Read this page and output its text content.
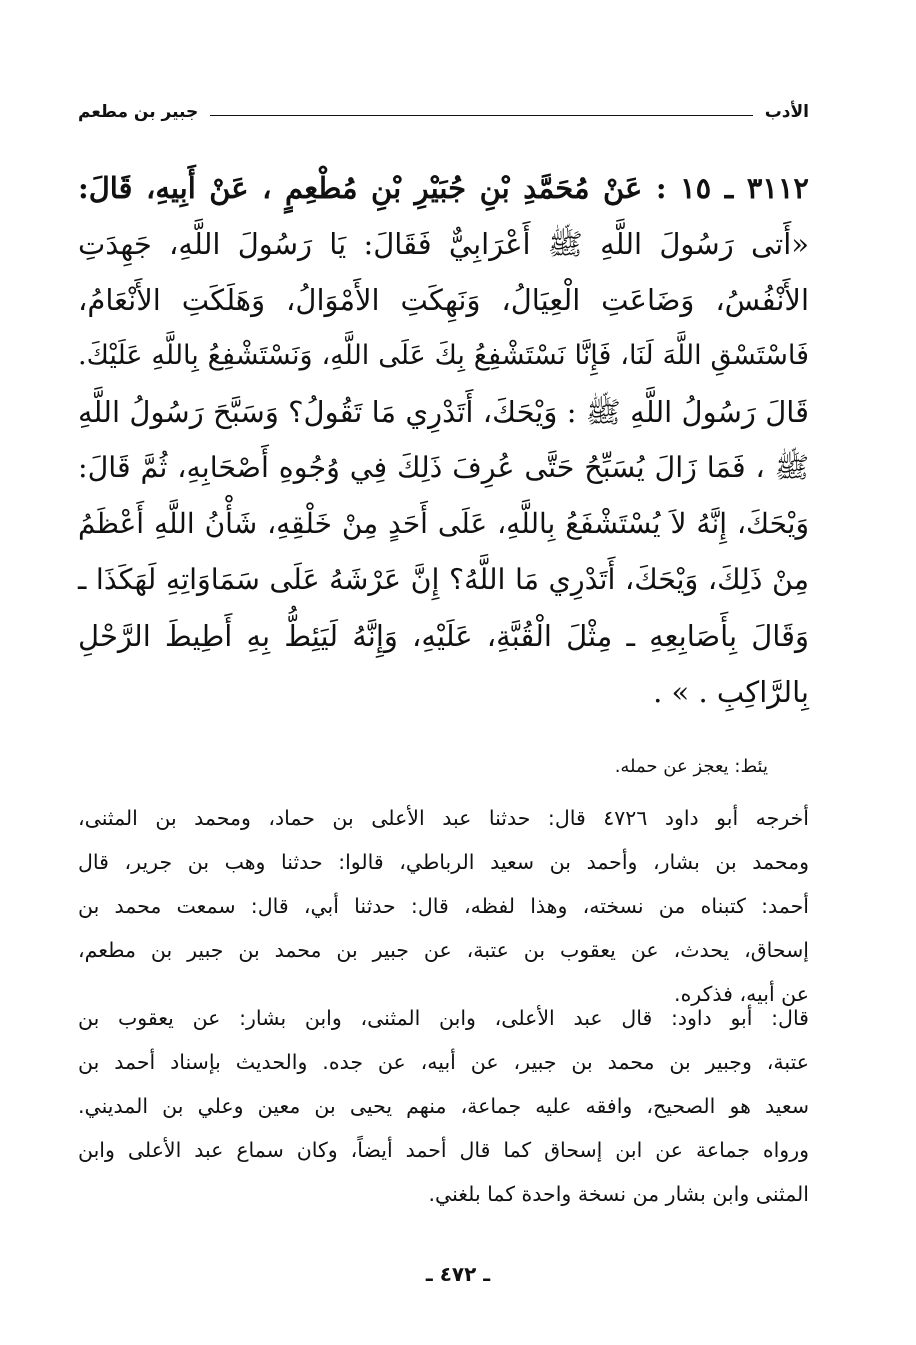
الأدب
جبير بن مطعم
٣١١٢ ـ ١٥ : عَنْ مُحَمَّدِ بْنِ جُبَيْرِ بْنِ مُطْعِمٍ ، عَنْ أَبِيهِ، قَالَ:
«أَتى رَسُولَ اللَّهِ ﷺ أَعْرَابِيٌّ فَقَالَ: يَا رَسُولَ اللَّهِ، جَهِدَتِ
الأَنْفُسُ، وَضَاعَتِ الْعِيَالُ، وَنَهِكَتِ الأَمْوَالُ، وَهَلَكَتِ الأَنْعَامُ،
فَاسْتَسْقِ اللَّهَ لَنَا، فَإِنَّا نَسْتَشْفِعُ بِكَ عَلَى اللَّهِ، وَنَسْتَشْفِعُ بِاللَّهِ عَلَيْكَ.
قَالَ رَسُولُ اللَّهِ ﷺ : وَيْحَكَ، أَتَدْرِي مَا تَقُولُ؟ وَسَبَّحَ رَسُولُ اللَّهِ
ﷺ ، فَمَا زَالَ يُسَبِّحُ حَتَّى عُرِفَ ذَلِكَ فِي وُجُوهِ أَصْحَابِهِ، ثُمَّ قَالَ:
وَيْحَكَ، إِنَّهُ لاَ يُسْتَشْفَعُ بِاللَّهِ، عَلَى أَحَدٍ مِنْ خَلْقِهِ، شَأْنُ اللَّهِ أَعْظَمُ
مِنْ ذَلِكَ، وَيْحَكَ، أَتَدْرِي مَا اللَّهُ؟ إِنَّ عَرْشَهُ عَلَى سَمَاوَاتِهِ لَهَكَذَا ـ
وَقَالَ بِأَصَابِعِهِ ـ مِثْلَ الْقُبَّةِ، عَلَيْهِ، وَإِنَّهُ لَيَئِطُّ بِهِ أَطِيطَ الرَّحْلِ
بِالرَّاكِبِ . » .
يئط: يعجز عن حمله.
أخرجه أبو داود ٤٧٢٦ قال: حدثنا عبد الأعلى بن حماد، ومحمد بن المثنى،
ومحمد بن بشار، وأحمد بن سعيد الرباطي، قالوا: حدثنا وهب بن جرير، قال
أحمد: كتبناه من نسخته، وهذا لفظه، قال: حدثنا أبي، قال: سمعت محمد بن
إسحاق، يحدث، عن يعقوب بن عتبة، عن جبير بن محمد بن جبير بن مطعم،
عن أبيه، فذكره.
قال: أبو داود: قال عبد الأعلى، وابن المثنى، وابن بشار: عن يعقوب بن
عتبة، وجبير بن محمد بن جبير، عن أبيه، عن جده. والحديث بإسناد أحمد بن
سعيد هو الصحيح، وافقه عليه جماعة، منهم يحيى بن معين وعلي بن المديني.
ورواه جماعة عن ابن إسحاق كما قال أحمد أيضاً، وكان سماع عبد الأعلى وابن
المثنى وابن بشار من نسخة واحدة كما بلغني.
ـ ٤٧٢ ـ
